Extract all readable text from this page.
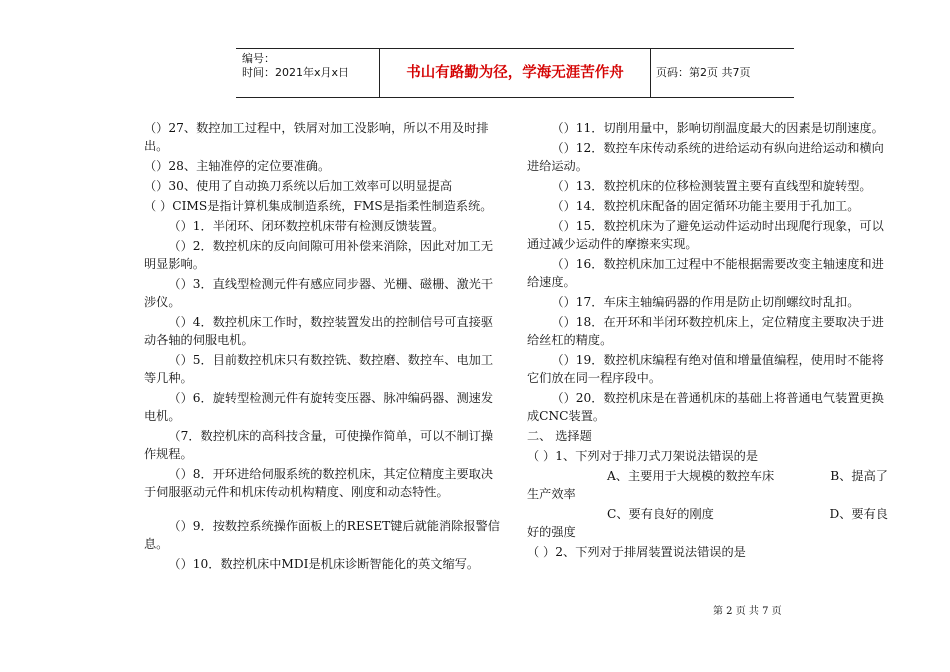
编号：
时间：2021年x月x日	书山有路勤为径，学海无涯苦作舟	页码：第2页 共7页

（）27、数控加工过程中，铁屑对加工没影响，所以不用及时排出。

（）28、主轴准停的定位要准确。

（）30、使用了自动换刀系统以后加工效率可以明显提高

（ ）CIMS是指计算机集成制造系统，FMS是指柔性制造系统。

（）1．半闭环、闭环数控机床带有检测反馈装置。

（）2．数控机床的反向间隙可用补偿来消除，因此对加工无明显影响。

（）3．直线型检测元件有感应同步器、光栅、磁栅、激光干涉仪。

（）4．数控机床工作时，数控装置发出的控制信号可直接驱动各轴的伺服电机。

（）5．目前数控机床只有数控铣、数控磨、数控车、电加工等几种。

（）6．旋转型检测元件有旋转变压器、脉冲编码器、测速发电机。

（7．数控机床的高科技含量，可使操作简单，可以不制订操作规程。

（）8．开环进给伺服系统的数控机床，其定位精度主要取决于伺服驱动元件和机床传动机构精度、刚度和动态特性。

（）9．按数控系统操作面板上的RESET键后就能消除报警信息。

（）10．数控机床中MDI是机床诊断智能化的英文缩写。

（）11．切削用量中，影响切削温度最大的因素是切削速度。

（）12．数控车床传动系统的进给运动有纵向进给运动和横向进给运动。

（）13．数控机床的位移检测装置主要有直线型和旋转型。

（）14．数控机床配备的固定循环功能主要用于孔加工。

（）15．数控机床为了避免运动件运动时出现爬行现象，可以通过减少运动件的摩擦来实现。

（）16．数控机床加工过程中不能根据需要改变主轴速度和进给速度。

（）17．车床主轴编码器的作用是防止切削螺纹时乱扣。

（）18．在开环和半闭环数控机床上，定位精度主要取决于进给丝杠的精度。

（）19．数控机床编程有绝对值和增量值编程，使用时不能将它们放在同一程序段中。

（）20．数控机床是在普通机床的基础上将普通电气装置更换成CNC装置。

二、 选择题

（ ）1、下列对于排刀式刀架说法错误的是

A、主要用于大规模的数控车床	B、提高了

生产效率

C、要有良好的刚度	D、要有良

好的强度

（ ）2、下列对于排屑装置说法错误的是

第 2 页 共 7 页
